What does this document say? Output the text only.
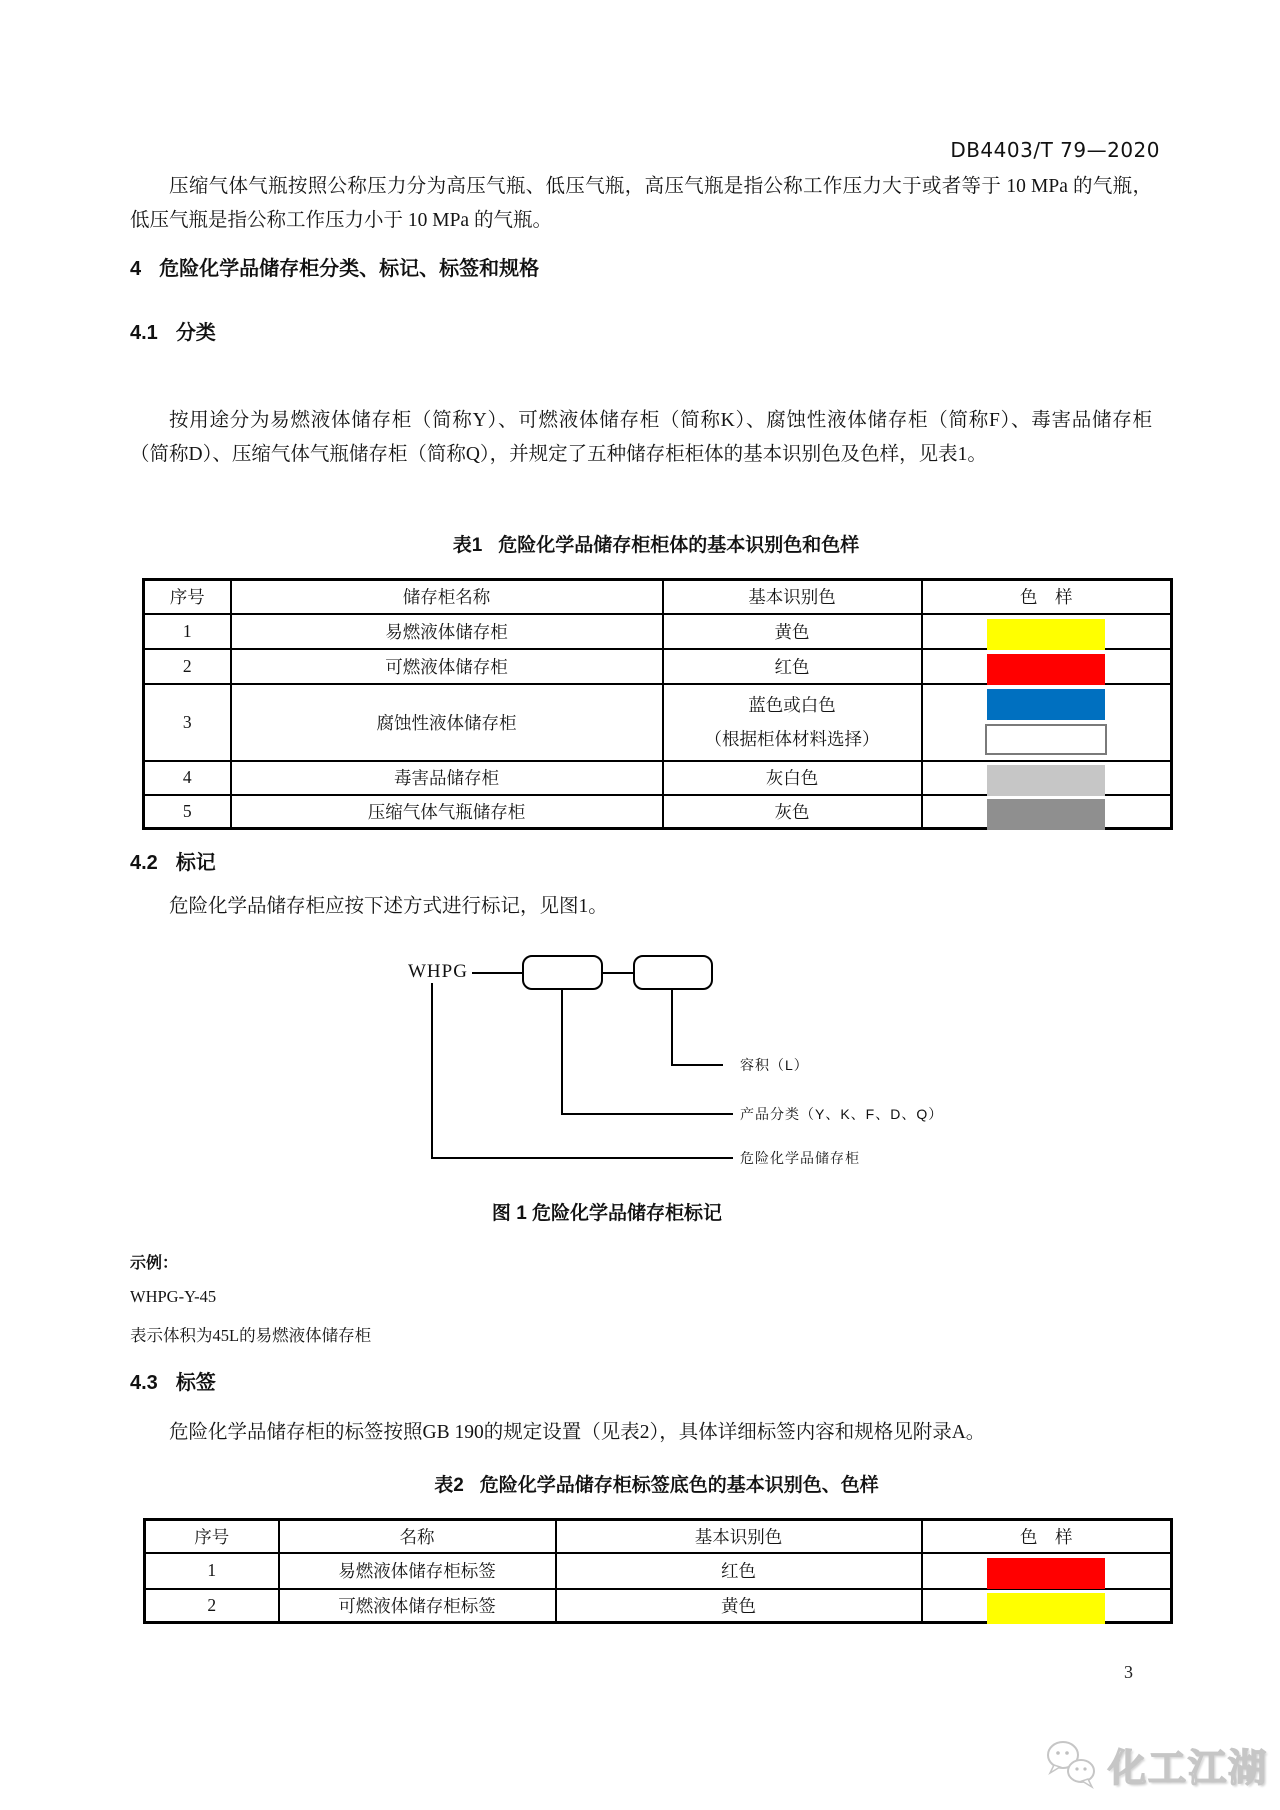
DB4403/T 79—2020
压缩气体气瓶按照公称压力分为高压气瓶、低压气瓶，高压气瓶是指公称工作压力大于或者等于 10 MPa 的气瓶，低压气瓶是指公称工作压力小于 10 MPa 的气瓶。
4 危险化学品储存柜分类、标记、标签和规格
4.1 分类
按用途分为易燃液体储存柜（简称Y）、可燃液体储存柜（简称K）、腐蚀性液体储存柜（简称F）、毒害品储存柜（简称D）、压缩气体气瓶储存柜（简称Q），并规定了五种储存柜柜体的基本识别色及色样，见表1。
表1 危险化学品储存柜柜体的基本识别色和色样
序号	储存柜名称	基本识别色	色　样
1	易燃液体储存柜	黄色	

2	可燃液体储存柜	红色	

3	腐蚀性液体储存柜	蓝色或白色
（根据柜体材料选择）	

4	毒害品储存柜	灰白色	

5	压缩气体气瓶储存柜	灰色	
4.2 标记
危险化学品储存柜应按下述方式进行标记，见图1。
WHPG
容积（L）
产品分类（Y、K、F、D、Q）
危险化学品储存柜
图 1 危险化学品储存柜标记
示例：
WHPG-Y-45
表示体积为45L的易燃液体储存柜
4.3 标签
危险化学品储存柜的标签按照GB 190的规定设置（见表2），具体详细标签内容和规格见附录A。
表2 危险化学品储存柜标签底色的基本识别色、色样
序号	名称	基本识别色	色　样
1	易燃液体储存柜标签	红色	

2	可燃液体储存柜标签	黄色	
3
化工江湖
